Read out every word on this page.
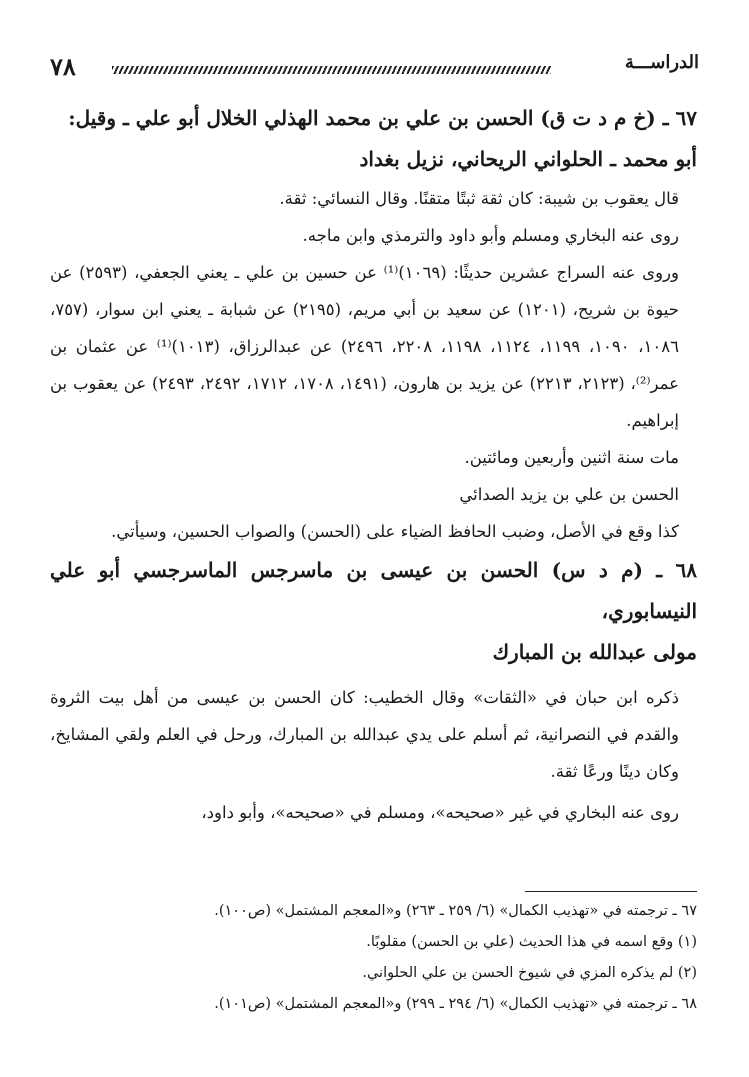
٧٨	الدراســـة

٦٧ ـ (خ م د ت ق) الحسن بن علي بن محمد الهذلي الخلال أبو علي ـ وقيل:

أبو محمد ـ الحلواني الريحاني، نزيل بغداد

قال يعقوب بن شيبة: كان ثقة ثبتًا متقنًا. وقال النسائي: ثقة.

روى عنه البخاري ومسلم وأبو داود والترمذي وابن ماجه.

وروى عنه السراج عشرين حديثًا: (١٠٦٩)⁽¹⁾ عن حسين بن علي ـ يعني الجعفي، (٢٥٩٣) عن حيوة بن شريح، (١٢٠١) عن سعيد بن أبي مريم، (٢١٩٥) عن شبابة ـ يعني ابن سوار، (٧٥٧، ١٠٨٦، ١٠٩٠، ١١٩٩، ١١٢٤، ١١٩٨، ٢٢٠٨، ٢٤٩٦) عن عبدالرزاق، (١٠١٣)⁽¹⁾ عن عثمان بن عمر⁽²⁾، (٢١٢٣، ٢٢١٣) عن يزيد بن هارون، (١٤٩١، ١٧٠٨، ١٧١٢، ٢٤٩٢، ٢٤٩٣) عن يعقوب بن إبراهيم.

مات سنة اثنين وأربعين ومائتين.

الحسن بن علي بن يزيد الصدائي

كذا وقع في الأصل، وضبب الحافظ الضياء على (الحسن) والصواب الحسين، وسيأتي.

٦٨ ـ (م د س) الحسن بن عيسى بن ماسرجس الماسرجسي أبو علي النيسابوري،

مولى عبدالله بن المبارك

ذكره ابن حبان في «الثقات» وقال الخطيب: كان الحسن بن عيسى من أهل بيت الثروة والقدم في النصرانية، ثم أسلم على يدي عبدالله بن المبارك، ورحل في العلم ولقي المشايخ، وكان دينًا ورعًا ثقة.

روى عنه البخاري في غير «صحيحه»، ومسلم في «صحيحه»، وأبو داود،

٦٧ ـ ترجمته في «تهذيب الكمال» (٦/ ٢٥٩ ـ ٢٦٣) و«المعجم المشتمل» (ص١٠٠).
(١) وقع اسمه في هذا الحديث (علي بن الحسن) مقلوبًا.
(٢) لم يذكره المزي في شيوخ الحسن بن علي الحلواني.
٦٨ ـ ترجمته في «تهذيب الكمال» (٦/ ٢٩٤ ـ ٢٩٩) و«المعجم المشتمل» (ص١٠١).
